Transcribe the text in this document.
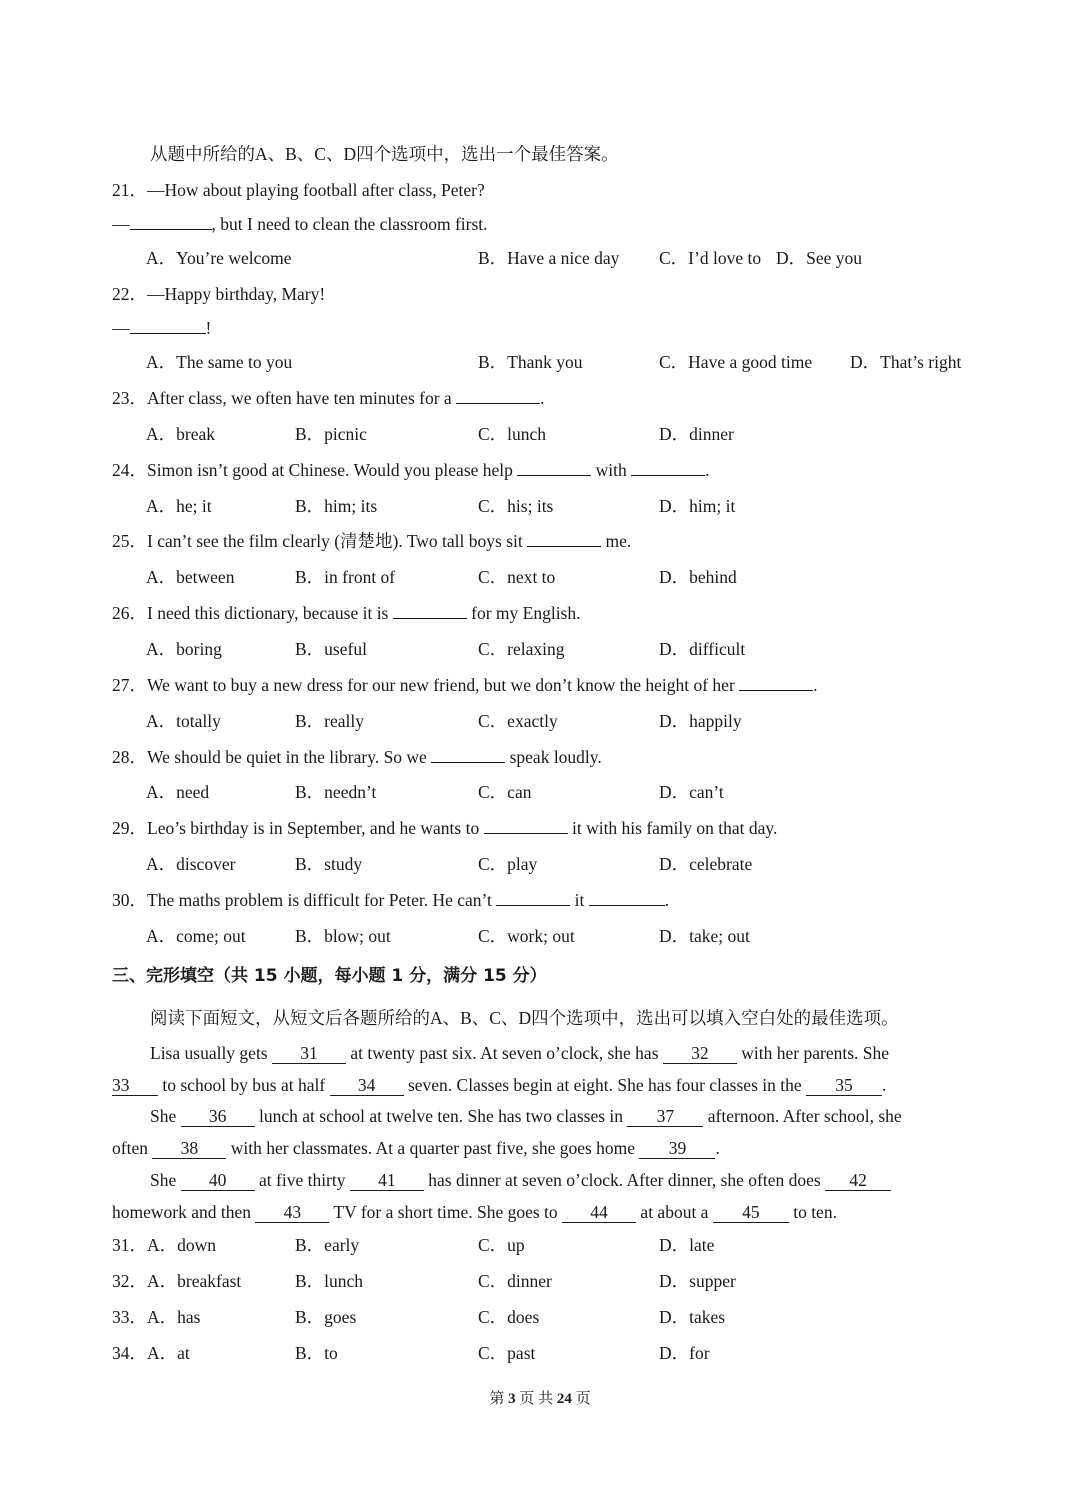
从题中所给的A、B、C、D四个选项中，选出一个最佳答案。
21．—How about playing football after class, Peter?
—	, but I need to clean the classroom first.
A．You’re welcome	B．Have a nice day C．I’d love to D．See you
22．—Happy birthday, Mary!
—	!
A．The same to you	B．Thank you	C．Have a good time D．That’s right
23．After class, we often have ten minutes for a	.
A．break	B．picnic	C．lunch	D．dinner
24．Simon isn’t good at Chinese. Would you please help	with	.
A．he; it	B．him; its	C．his; its	D．him; it
25．I can’t see the film clearly (清楚地). Two tall boys sit	me.
A．between	B．in front of	C．next to	D．behind
26．I need this dictionary, because it is	for my English.
A．boring	B．useful	C．relaxing	D．difficult
27．We want to buy a new dress for our new friend, but we don’t know the height of her	.
A．totally	B．really	C．exactly	D．happily
28．We should be quiet in the library. So we	speak loudly.
A．need	B．needn’t	C．can	D．can’t
29．Leo’s birthday is in September, and he wants to	it with his family on that day.
A．discover	B．study	C．play	D．celebrate
30．The maths problem is difficult for Peter. He can’t	it	.
A．come; out	B．blow; out	C．work; out	D．take; out
三、完形填空（共 15 小题，每小题 1 分，满分 15 分）
阅读下面短文，从短文后各题所给的A、B、C、D四个选项中，选出可以填入空白处的最佳选项。
Lisa usually gets 31 at twenty past six. At seven o’clock, she has 32 with her parents. She
33 to school by bus at half 34 seven. Classes begin at eight. She has four classes in the 35 .
She 36 lunch at school at twelve ten. She has two classes in 37 afternoon. After school, she
often 38 with her classmates. At a quarter past five, she goes home 39 .
She 40 at five thirty 41 has dinner at seven o’clock. After dinner, she often does 42
homework and then 43 TV for a short time. She goes to 44 at about a 45 to ten.
31．A．down	B．early	C．up	D．late
32．A．breakfast	B．lunch	C．dinner	D．supper
33．A．has	B．goes	C．does	D．takes
34．A．at	B．to	C．past	D．for
第 3 页 共 24 页
